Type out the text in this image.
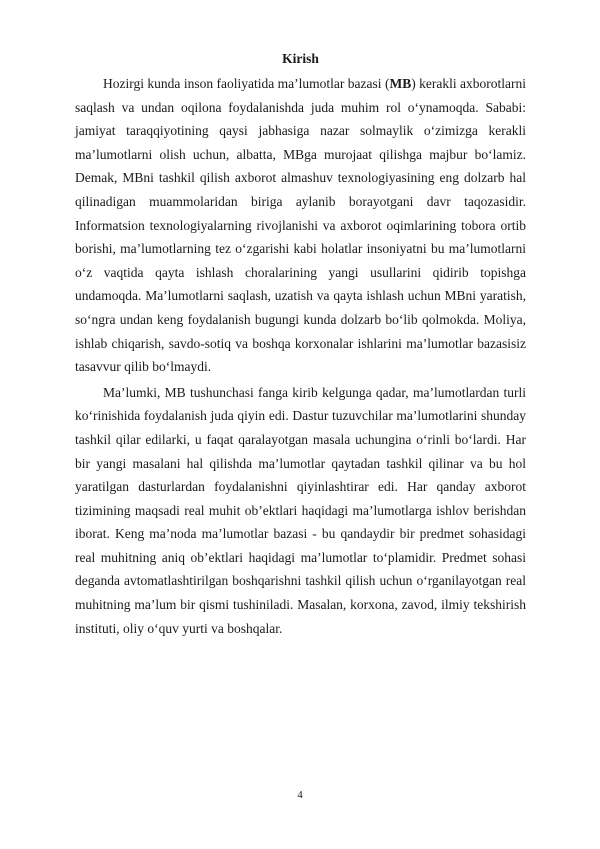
Kirish

Hozirgi kunda inson faoliyatida ma’lumotlar bazasi (MB) kerakli axborotlarni saqlash va undan oqilona foydalanishda juda muhim rol o‘ynamoqda. Sababi: jamiyat taraqqiyotining qaysi jabhasiga nazar solmaylik o‘zimizga kerakli ma’lumotlarni olish uchun, albatta, MBga murojaat qilishga majbur bo‘lamiz. Demak, MBni tashkil qilish axborot almashuv texnologiyasining eng dolzarb hal qilinadigan muammolaridan biriga aylanib borayotgani davr taqozasidir. Informatsion texnologiyalarning rivojlanishi va axborot oqimlarining tobora ortib borishi, ma’lumotlarning tez o‘zgarishi kabi holatlar insoniyatni bu ma’lumotlarni o‘z vaqtida qayta ishlash choralarining yangi usullarini qidirib topishga undamoqda. Ma’lumotlarni saqlash, uzatish va qayta ishlash uchun MBni yaratish, so‘ngra undan keng foydalanish bugungi kunda dolzarb bo‘lib qolmokda. Moliya, ishlab chiqarish, savdo-sotiq va boshqa korxonalar ishlarini ma’lumotlar bazasisiz tasavvur qilib bo‘lmaydi.

Ma’lumki, MB tushunchasi fanga kirib kelgunga qadar, ma’lumotlardan turli ko‘rinishida foydalanish juda qiyin edi. Dastur tuzuvchilar ma’lumotlarini shunday tashkil qilar edilarki, u faqat qaralayotgan masala uchungina o‘rinli bo‘lardi. Har bir yangi masalani hal qilishda ma’lumotlar qaytadan tashkil qilinar va bu hol yaratilgan dasturlardan foydalanishni qiyinlashtirar edi. Har qanday axborot tizimining maqsadi real muhit ob’ektlari haqidagi ma’lumotlarga ishlov berishdan iborat. Keng ma’noda ma’lumotlar bazasi - bu qandaydir bir predmet sohasidagi real muhitning aniq ob’ektlari haqidagi ma’lumotlar to‘plamidir. Predmet sohasi deganda avtomatlashtirilgan boshqarishni tashkil qilish uchun o‘rganilayotgan real muhitning ma’lum bir qismi tushiniladi. Masalan, korxona, zavod, ilmiy tekshirish instituti, oliy o‘quv yurti va boshqalar.

4
